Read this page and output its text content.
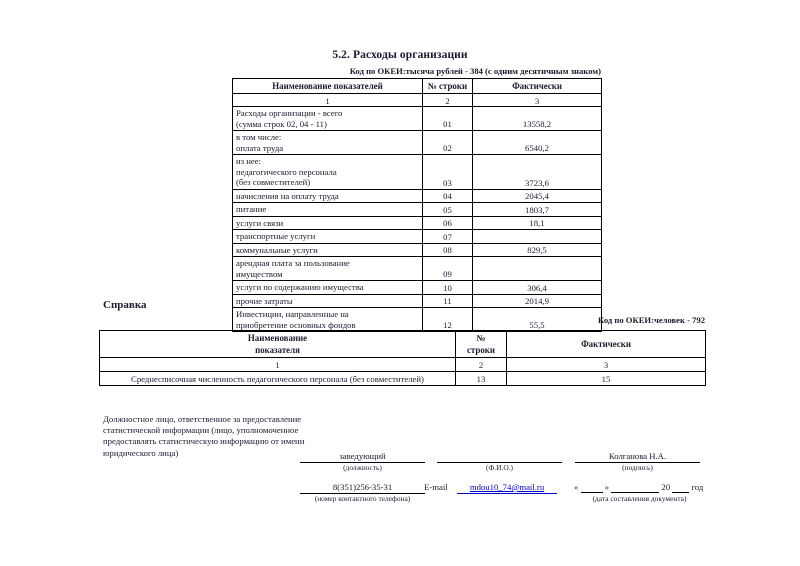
5.2. Расходы организации
Код по ОКЕИ:тысяча рублей - 384 (с одним десятичным знаком)
Наименование показателей	№ строки	Фактически
1	2	3

Расходы организации - всего
(сумма строк 02, 04 - 11)	01	13558,2

в том числе:
оплата труда	02	6540,2

из нее:
педагогического персонала
(без совместителей)	03	3723,6

начисления на оплату труда	04	2045,4

питание	05	1803,7

услуги связи	06	18,1

транспортные услуги	07	

коммунальные услуги	08	829,5

арендная плата за пользование
имуществом	09	

услуги по содержанию имущества	10	306,4

прочие затраты	11	2014,9

Инвестиции, направленные на
приобретение основных фондов	12	55,5
Справка
Код по ОКЕИ:человек - 792
Наименование
показателя	№
строки	Фактически
1	2	3
Среднесписочная численность педагогического персонала (без совместителей)	13	15
Должностное лицо, ответственное за предоставление статистической информации (лицо, уполномоченное предоставлять статистическую информацию от имени юридического лица)	заведующий
(должность)	(Ф.И.О.)
Колганова Н.А.
(подпись)
8(351)256-35-31
(номер контактного телефона)
E-mail	mdou10_74@mail.ru	«	»	20 год
(дата составления документа)
